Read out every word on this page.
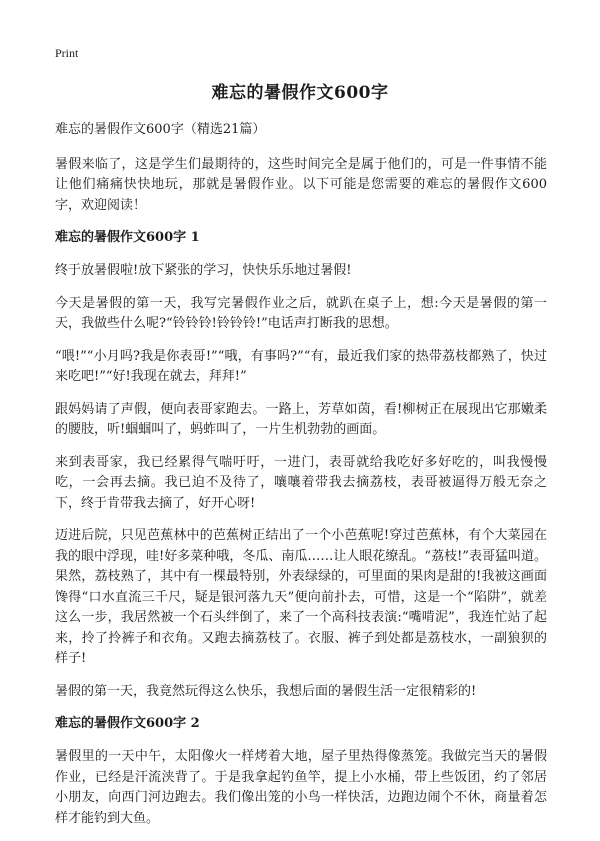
Print
难忘的暑假作文600字

难忘的暑假作文600字（精选21篇）

暑假来临了，这是学生们最期待的，这些时间完全是属于他们的，可是一件事情不能让他们痛痛快快地玩，那就是暑假作业。以下可能是您需要的难忘的暑假作文600字，欢迎阅读！

难忘的暑假作文600字 1

终于放暑假啦!放下紧张的学习，快快乐乐地过暑假!

今天是暑假的第一天，我写完暑假作业之后，就趴在桌子上，想:今天是暑假的第一天，我做些什么呢?“铃铃铃!铃铃铃!”电话声打断我的思想。

“喂!”“小月吗?我是你表哥!”“哦，有事吗?”“有，最近我们家的热带荔枝都熟了，快过来吃吧!”“好!我现在就去，拜拜!”

跟妈妈请了声假，便向表哥家跑去。一路上，芳草如茵，看!柳树正在展现出它那嫩柔的腰肢，听!蝈蝈叫了，蚂蚱叫了，一片生机勃勃的画面。

来到表哥家，我已经累得气喘吁吁，一进门，表哥就给我吃好多好吃的，叫我慢慢吃，一会再去摘。我已迫不及待了，嚷嚷着带我去摘荔枝，表哥被逼得万般无奈之下，终于肯带我去摘了，好开心呀!

迈进后院，只见芭蕉林中的芭蕉树正结出了一个小芭蕉呢!穿过芭蕉林，有个大菜园在我的眼中浮现，哇!好多菜种哦，冬瓜、南瓜……让人眼花缭乱。“荔枝!”表哥猛叫道。果然，荔枝熟了，其中有一棵最特别，外表绿绿的，可里面的果肉是甜的!我被这画面馋得“口水直流三千尺，疑是银河落九天”便向前扑去，可惜，这是一个“陷阱”，就差这么一步，我居然被一个石头绊倒了，来了一个高科技表演:“嘴啃泥”，我连忙站了起来，拎了拎裤子和衣角。又跑去摘荔枝了。衣服、裤子到处都是荔枝水，一副狼狈的样子!

暑假的第一天，我竟然玩得这么快乐，我想后面的暑假生活一定很精彩的!

难忘的暑假作文600字 2

暑假里的一天中午，太阳像火一样烤着大地，屋子里热得像蒸笼。我做完当天的暑假作业，已经是汗流浃背了。于是我拿起钓鱼竿，提上小水桶，带上些饭团，约了邻居小朋友，向西门河边跑去。我们像出笼的小鸟一样快活，边跑边闹个不休，商量着怎样才能钓到大鱼。
